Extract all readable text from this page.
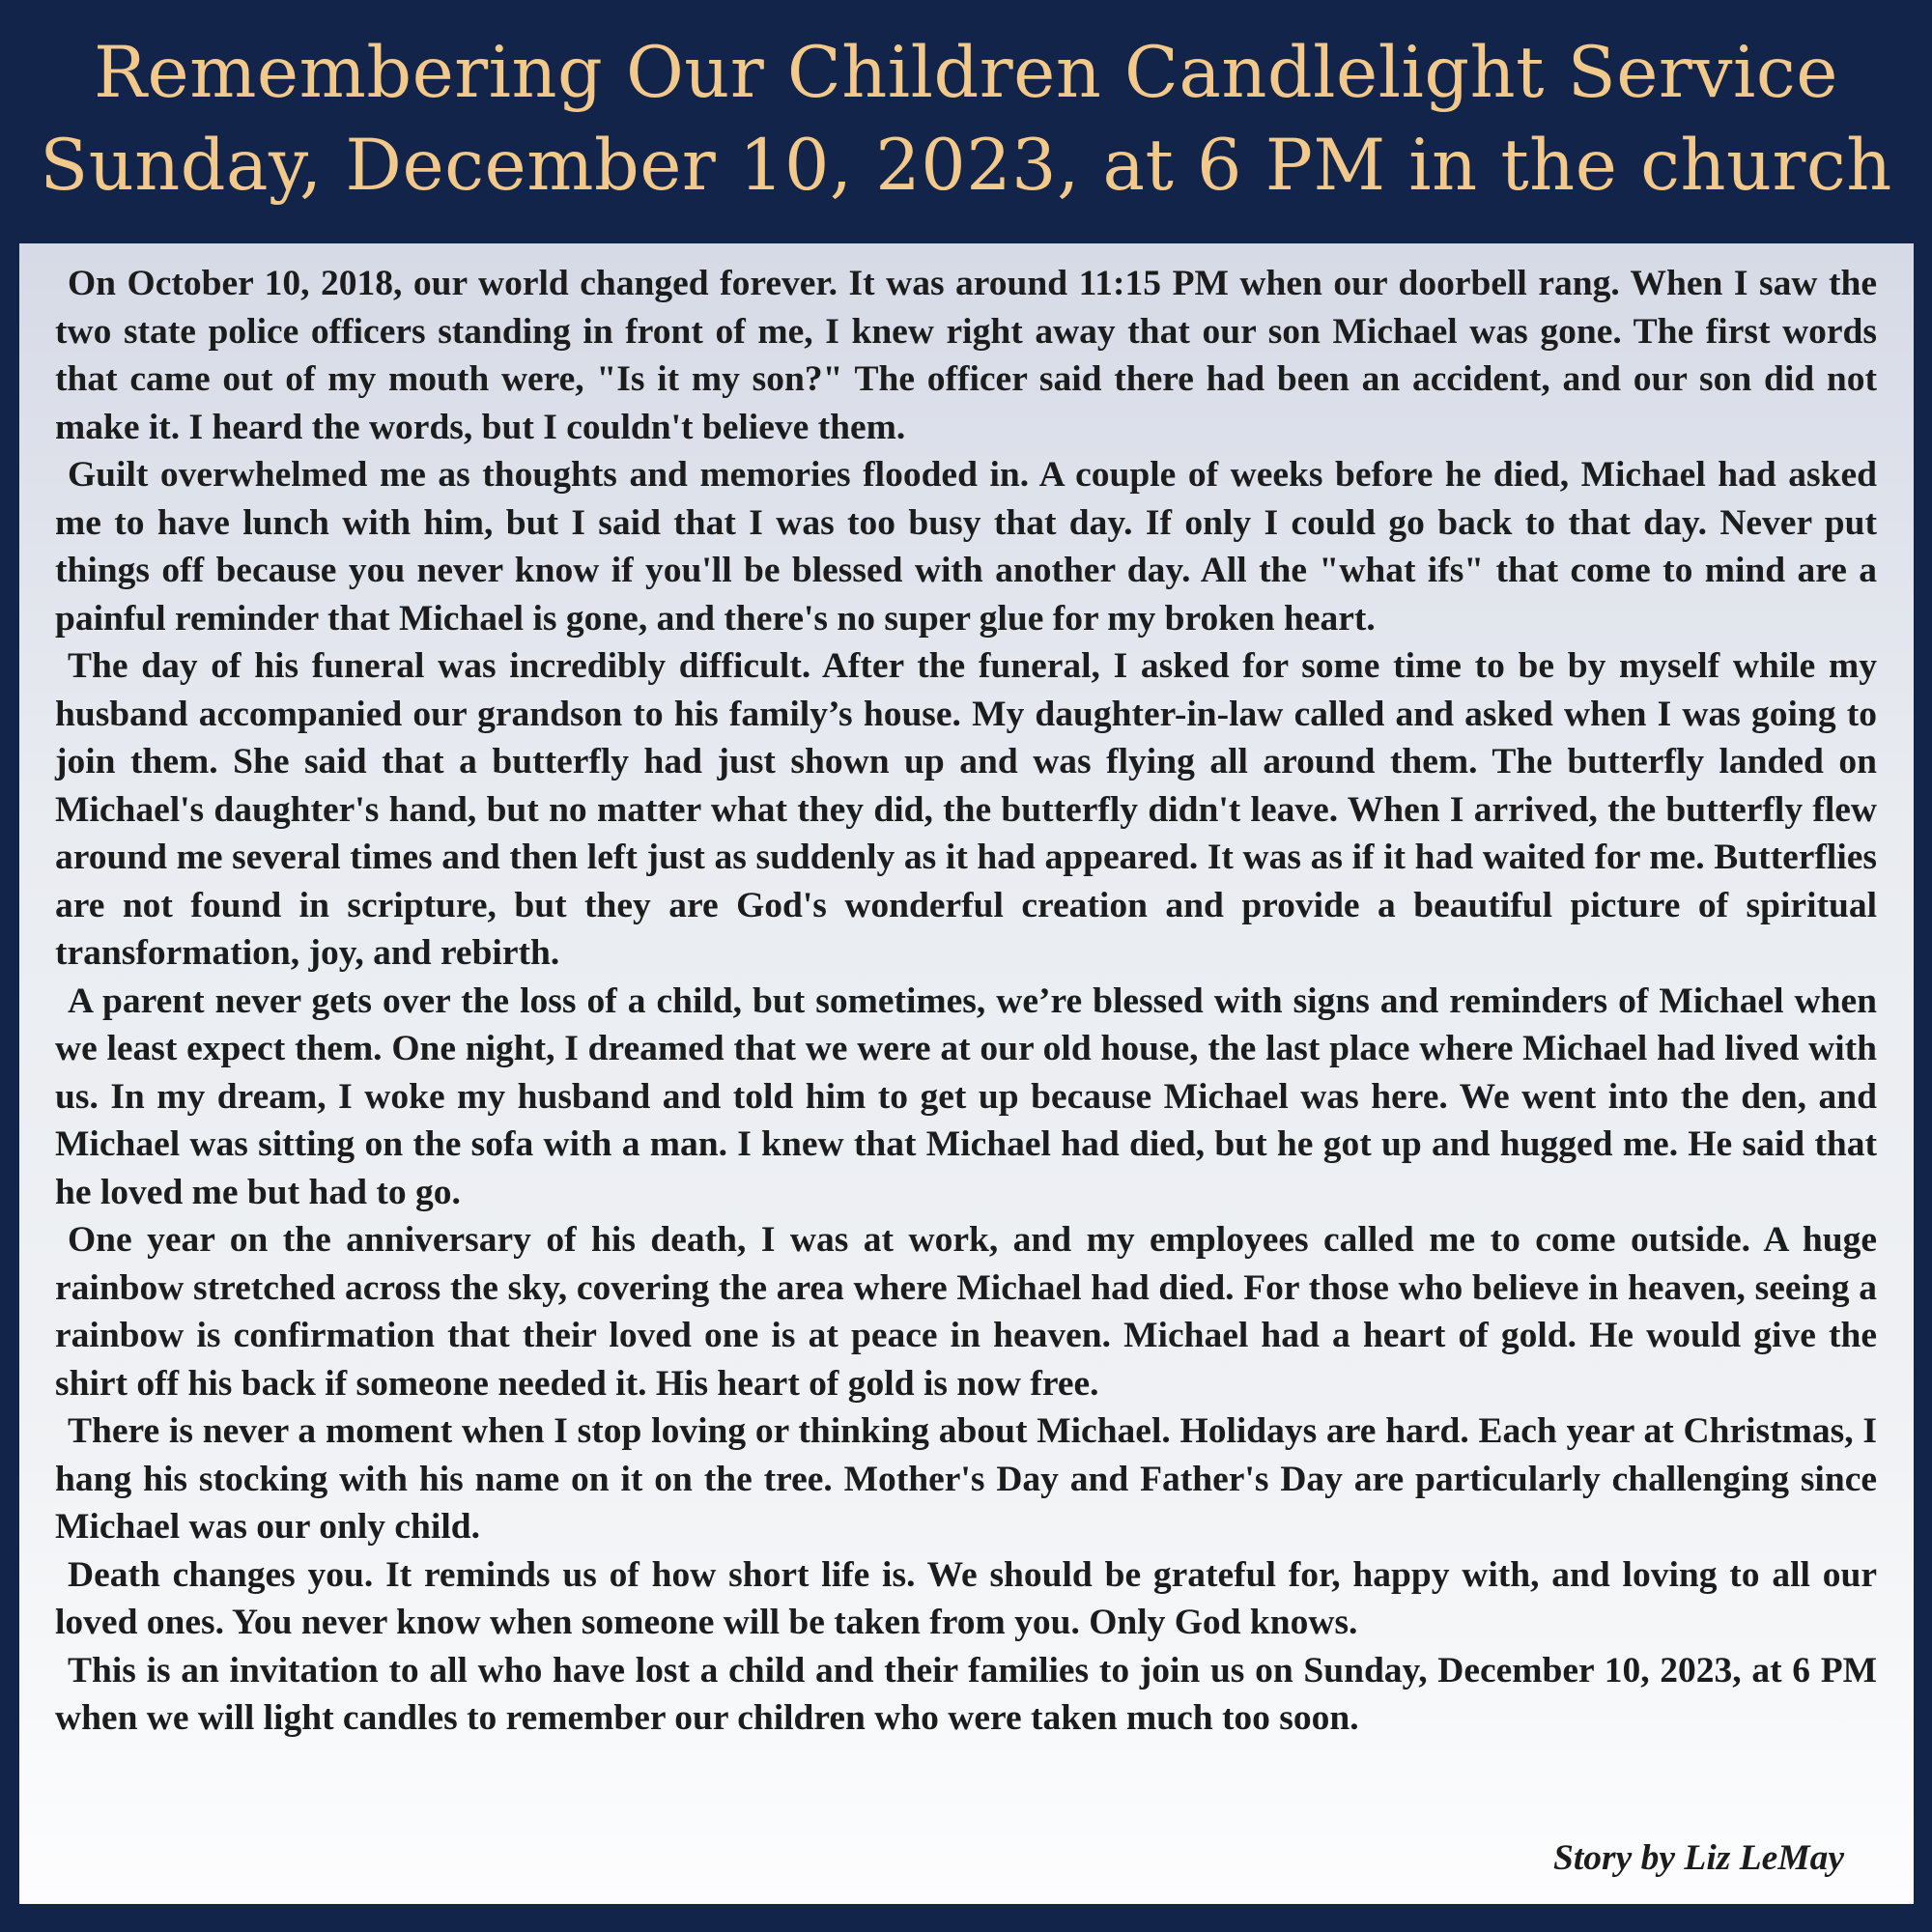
Remembering Our Children Candlelight Service
Sunday, December 10, 2023, at 6 PM in the church

On October 10, 2018, our world changed forever. It was around 11:15 PM when our doorbell rang. When I saw the two state police officers standing in front of me, I knew right away that our son Michael was gone. The first words that came out of my mouth were, "Is it my son?" The officer said there had been an accident, and our son did not make it. I heard the words, but I couldn't believe them.

Guilt overwhelmed me as thoughts and memories flooded in. A couple of weeks before he died, Michael had asked me to have lunch with him, but I said that I was too busy that day. If only I could go back to that day. Never put things off because you never know if you'll be blessed with another day. All the "what ifs" that come to mind are a painful reminder that Michael is gone, and there's no super glue for my broken heart.

The day of his funeral was incredibly difficult. After the funeral, I asked for some time to be by myself while my husband accompanied our grandson to his family’s house. My daughter-in-law called and asked when I was going to join them. She said that a butterfly had just shown up and was flying all around them. The butterfly landed on Michael's daughter's hand, but no matter what they did, the butterfly didn't leave. When I arrived, the butterfly flew around me several times and then left just as suddenly as it had appeared. It was as if it had waited for me. Butterflies are not found in scripture, but they are God's wonderful creation and provide a beautiful picture of spiritual transformation, joy, and rebirth.

A parent never gets over the loss of a child, but sometimes, we’re blessed with signs and reminders of Michael when we least expect them. One night, I dreamed that we were at our old house, the last place where Michael had lived with us. In my dream, I woke my husband and told him to get up because Michael was here. We went into the den, and Michael was sitting on the sofa with a man. I knew that Michael had died, but he got up and hugged me. He said that he loved me but had to go.

One year on the anniversary of his death, I was at work, and my employees called me to come outside. A huge rainbow stretched across the sky, covering the area where Michael had died. For those who believe in heaven, seeing a rainbow is confirmation that their loved one is at peace in heaven. Michael had a heart of gold. He would give the shirt off his back if someone needed it. His heart of gold is now free.

There is never a moment when I stop loving or thinking about Michael. Holidays are hard. Each year at Christmas, I hang his stocking with his name on it on the tree. Mother's Day and Father's Day are particularly challenging since Michael was our only child.

Death changes you. It reminds us of how short life is. We should be grateful for, happy with, and loving to all our loved ones. You never know when someone will be taken from you. Only God knows.

This is an invitation to all who have lost a child and their families to join us on Sunday, December 10, 2023, at 6 PM when we will light candles to remember our children who were taken much too soon.

Story by Liz LeMay
